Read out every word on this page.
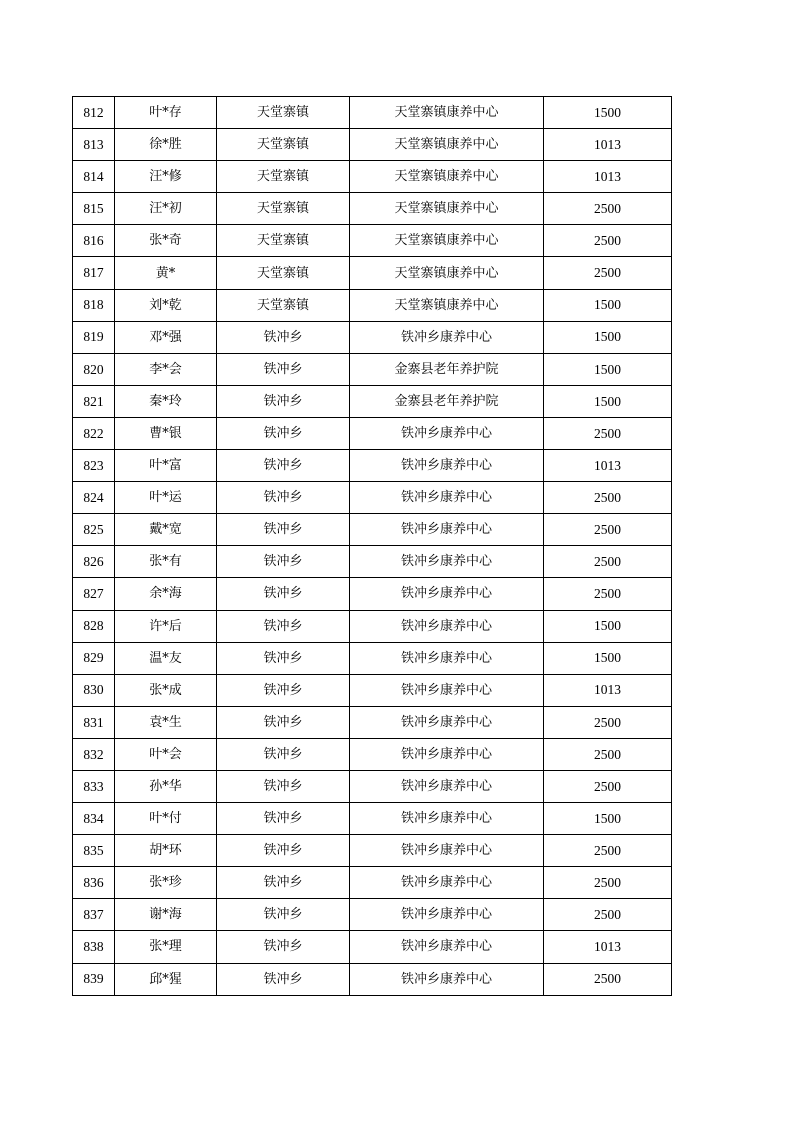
812	叶*存	天堂寨镇	天堂寨镇康养中心	1500
813	徐*胜	天堂寨镇	天堂寨镇康养中心	1013
814	汪*修	天堂寨镇	天堂寨镇康养中心	1013
815	汪*初	天堂寨镇	天堂寨镇康养中心	2500
816	张*奇	天堂寨镇	天堂寨镇康养中心	2500
817	黄*	天堂寨镇	天堂寨镇康养中心	2500
818	刘*乾	天堂寨镇	天堂寨镇康养中心	1500
819	邓*强	铁冲乡	铁冲乡康养中心	1500
820	李*会	铁冲乡	金寨县老年养护院	1500
821	秦*玲	铁冲乡	金寨县老年养护院	1500
822	曹*银	铁冲乡	铁冲乡康养中心	2500
823	叶*富	铁冲乡	铁冲乡康养中心	1013
824	叶*运	铁冲乡	铁冲乡康养中心	2500
825	戴*宽	铁冲乡	铁冲乡康养中心	2500
826	张*有	铁冲乡	铁冲乡康养中心	2500
827	余*海	铁冲乡	铁冲乡康养中心	2500
828	许*后	铁冲乡	铁冲乡康养中心	1500
829	温*友	铁冲乡	铁冲乡康养中心	1500
830	张*成	铁冲乡	铁冲乡康养中心	1013
831	袁*生	铁冲乡	铁冲乡康养中心	2500
832	叶*会	铁冲乡	铁冲乡康养中心	2500
833	孙*华	铁冲乡	铁冲乡康养中心	2500
834	叶*付	铁冲乡	铁冲乡康养中心	1500
835	胡*环	铁冲乡	铁冲乡康养中心	2500
836	张*珍	铁冲乡	铁冲乡康养中心	2500
837	谢*海	铁冲乡	铁冲乡康养中心	2500
838	张*理	铁冲乡	铁冲乡康养中心	1013
839	邱*猩	铁冲乡	铁冲乡康养中心	2500
